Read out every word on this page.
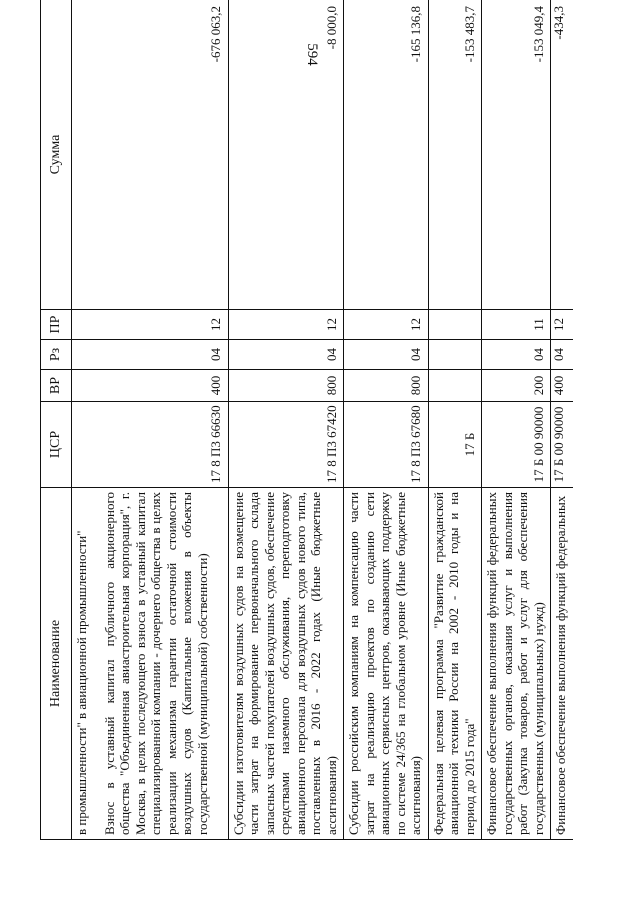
594
Наименование	ЦСР	ВР	Рз	ПР	Сумма
в промышленности" в авиационной промышленности"					
Взнос в уставный капитал публичного акционерного общества "Объединенная авиастроительная корпорация", г. Москва, в целях последующего взноса в уставный капитал специализированной компании - дочернего общества в целях реализации механизма гарантии остаточной стоимости воздушных судов (Капитальные вложения в объекты государственной (муниципальной) собственности)	17 8 П3 66630	400	04	12	-676 063,2
Субсидии изготовителям воздушных судов на возмещение части затрат на формирование первоначального склада запасных частей покупателей воздушных судов, обеспечение средствами наземного обслуживания, переподготовку авиационного персонала для воздушных судов нового типа, поставленных в 2016 - 2022 годах (Иные бюджетные ассигнования)	17 8 П3 67420	800	04	12	-8 000,0
Субсидии российским компаниям на компенсацию части затрат на реализацию проектов по созданию сети авиационных сервисных центров, оказывающих поддержку по системе 24/365 на глобальном уровне (Иные бюджетные ассигнования)	17 8 П3 67680	800	04	12	-165 136,8
Федеральная целевая программа "Развитие гражданской авиационной техники России на 2002 - 2010 годы и на период до 2015 года"	17 Б				-153 483,7
Финансовое обеспечение выполнения функций федеральных государственных органов, оказания услуг и выполнения работ (Закупка товаров, работ и услуг для обеспечения государственных (муниципальных) нужд)	17 Б 00 90000	200	04	11	-153 049,4
Финансовое обеспечение выполнения функций федеральных	17 Б 00 90000	400	04	12	-434,3
